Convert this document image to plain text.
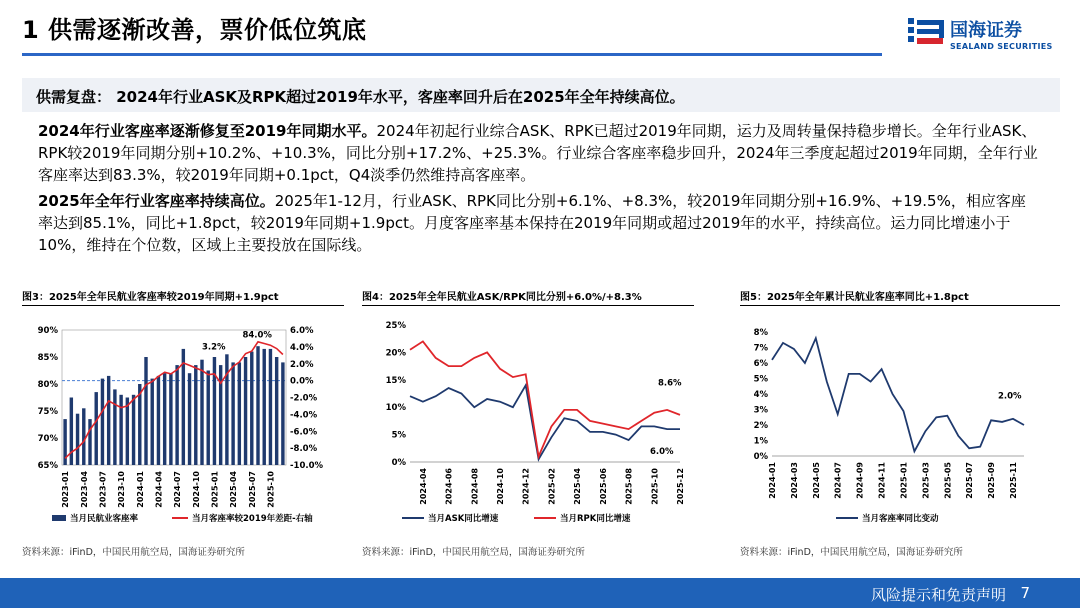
1 供需逐渐改善，票价低位筑底	国海证券
SEALAND SECURITIES
供需复盘： 2024年行业ASK及RPK超过2019年水平，客座率回升后在2025年全年持续高位。
2024年行业客座率逐渐修复至2019年同期水平。2024年初起行业综合ASK、RPK已超过2019年同期，运力及周转量保持稳步增长。全年行业ASK、RPK较2019年同期分别+10.2%、+10.3%，同比分别+17.2%、+25.3%。行业综合客座率稳步回升，2024年三季度起超过2019年同期，全年行业客座率达到83.3%，较2019年同期+0.1pct，Q4淡季仍然维持高客座率。
2025年全年行业客座率持续高位。2025年1-12月，行业ASK、RPK同比分别+6.1%、+8.3%，较2019年同期分别+16.9%、+19.5%，相应客座率达到85.1%，同比+1.8pct，较2019年同期+1.9pct。月度客座率基本保持在2019年同期或超过2019年的水平，持续高位。运力同比增速小于10%，维持在个位数，区域上主要投放在国际线。
图3：2025年全年民航业客座率较2019年同期+1.9pct
90%
85%
80%
75%
70%
65%
6.0%
4.0%
2.0%
0.0%
-2.0%
-4.0%
-6.0%
-8.0%
-10.0%
2023-01 2023-04 2023-07 2023-10 2024-01 2024-04 2024-07 2024-10 2025-01 2025-04 2025-07 2025-10
84.0%
3.2%
当月民航业客座率	当月客座率较2019年差距-右轴
资料来源：iFinD，中国民用航空局，国海证券研究所
图4：2025年全年民航业ASK/RPK同比分别+6.0%/+8.3%
25%
20%
15%
10%
5%
0%
2024-04 2024-06 2024-08 2024-10 2024-12 2025-02 2025-04 2025-06 2025-08 2025-10 2025-12
8.6%
6.0%
当月ASK同比增速	当月RPK同比增速
资料来源：iFinD，中国民用航空局，国海证券研究所
图5：2025年全年累计民航业客座率同比+1.8pct
8%
7%
6%
5%
4%
3%
2%
1%
0%
2024-01 2024-03 2024-05 2024-07 2024-09 2024-11 2025-01 2025-03 2025-05 2025-07 2025-09 2025-11
2.0%
当月客座率同比变动
资料来源：iFinD，中国民用航空局，国海证券研究所
风险提示和免责声明 7
